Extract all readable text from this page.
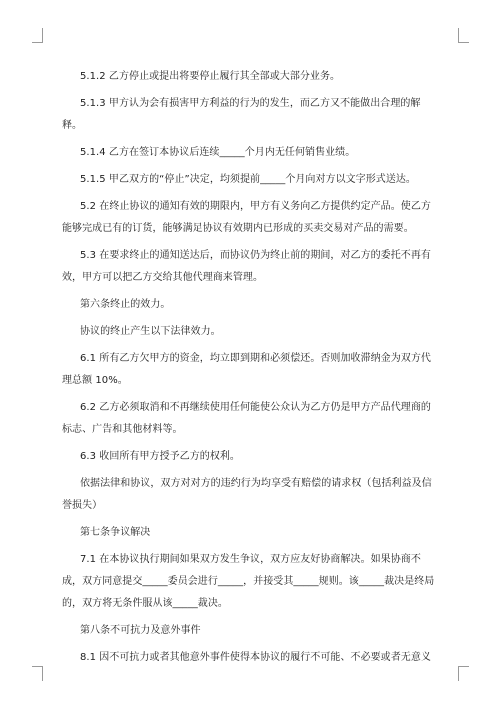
5.1.2 乙方停止或提出将要停止履行其全部或大部分业务。

5.1.3 甲方认为会有损害甲方利益的行为的发生，而乙方又不能做出合理的解释。

5.1.4 乙方在签订本协议后连续_____个月内无任何销售业绩。

5.1.5 甲乙双方的“停止”决定，均须提前_____个月向对方以文字形式送达。

5.2 在终止协议的通知有效的期限内，甲方有义务向乙方提供约定产品。使乙方能够完成已有的订货，能够满足协议有效期内已形成的买卖交易对产品的需要。

5.3 在要求终止的通知送达后，而协议仍为终止前的期间，对乙方的委托不再有效，甲方可以把乙方交给其他代理商来管理。

第六条终止的效力。

协议的终止产生以下法律效力。

6.1 所有乙方欠甲方的资金，均立即到期和必须偿还。否则加收滞纳金为双方代理总额 10%。

6.2 乙方必须取消和不再继续使用任何能使公众认为乙方仍是甲方产品代理商的标志、广告和其他材料等。

6.3 收回所有甲方授予乙方的权利。

依据法律和协议，双方对对方的违约行为均享受有赔偿的请求权（包括利益及信誉损失）

第七条争议解决

7.1 在本协议执行期间如果双方发生争议，双方应友好协商解决。如果协商不成，双方同意提交_____委员会进行_____，并接受其_____规则。该_____裁决是终局的，双方将无条件服从该_____裁决。

第八条不可抗力及意外事件

8.1 因不可抗力或者其他意外事件使得本协议的履行不可能、不必要或者无意义
